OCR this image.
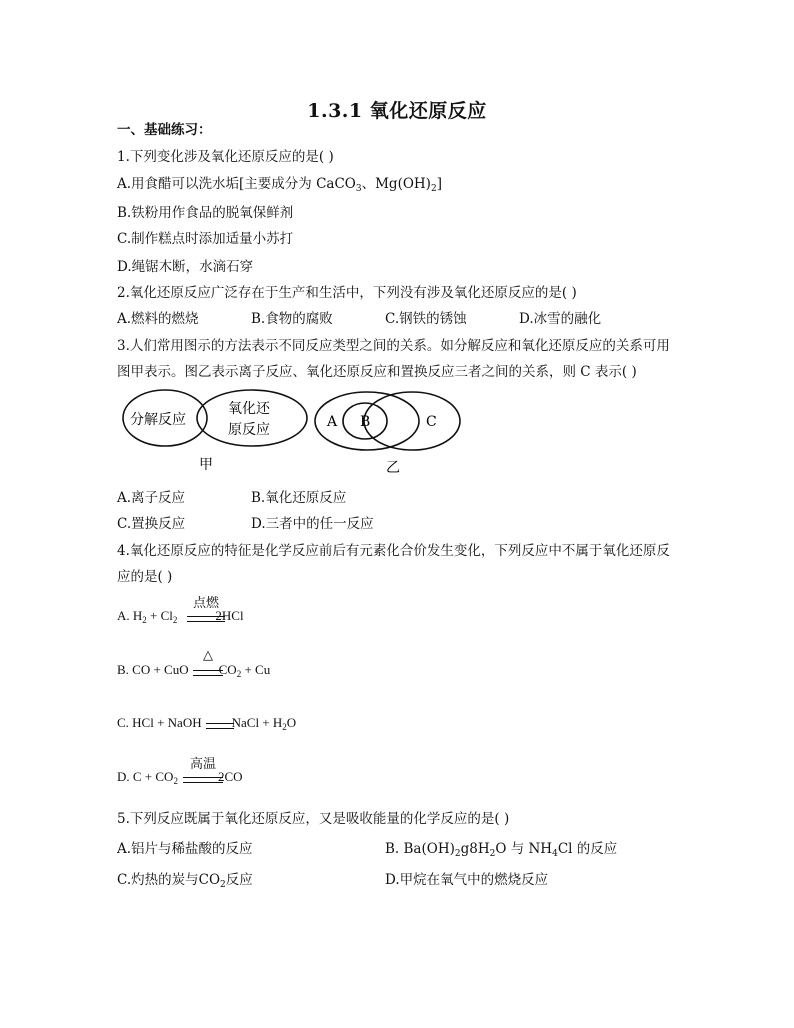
1.3.1 氧化还原反应
一、基础练习：
1.下列变化涉及氧化还原反应的是( )
A.用食醋可以洗水垢[主要成分为 CaCO$_3$、$Mg(OH)_2$]
B.铁粉用作食品的脱氧保鲜剂
C.制作糕点时添加适量小苏打
D.绳锯木断，水滴石穿
2.氧化还原反应广泛存在于生产和生活中，下列没有涉及氧化还原反应的是( )
A.燃料的燃烧	B.食物的腐败	C.钢铁的锈蚀	D.冰雪的融化
3.人们常用图示的方法表示不同反应类型之间的关系。如分解反应和氧化还原反应的关系可用
图甲表示。图乙表示离子反应、氧化还原反应和置换反应三者之间的关系，则 C 表示( )
分解反应
氧化还
原反应
甲
A B	C
乙
A.离子反应	B.氧化还原反应
C.置换反应	D.三者中的任一反应
4.氧化还原反应的特征是化学反应前后有元素化合价发生变化，下列反应中不属于氧化还原反
应的是( )
A. $H_2 + Cl_2$	2HCl
点燃
B. CO + CuO $CO_2 + Cu$
△
C. HCl + NaOH NaCl + $H_2O$
D. $C + CO_2$	2CO
高温
5.下列反应既属于氧化还原反应，又是吸收能量的化学反应的是( )
A.铝片与稀盐酸的反应	B. $Ba(OH)_2g8H_2O$ 与 $NH_4Cl$ 的反应
C.灼热的炭与$CO_2$反应	D.甲烷在氧气中的燃烧反应
